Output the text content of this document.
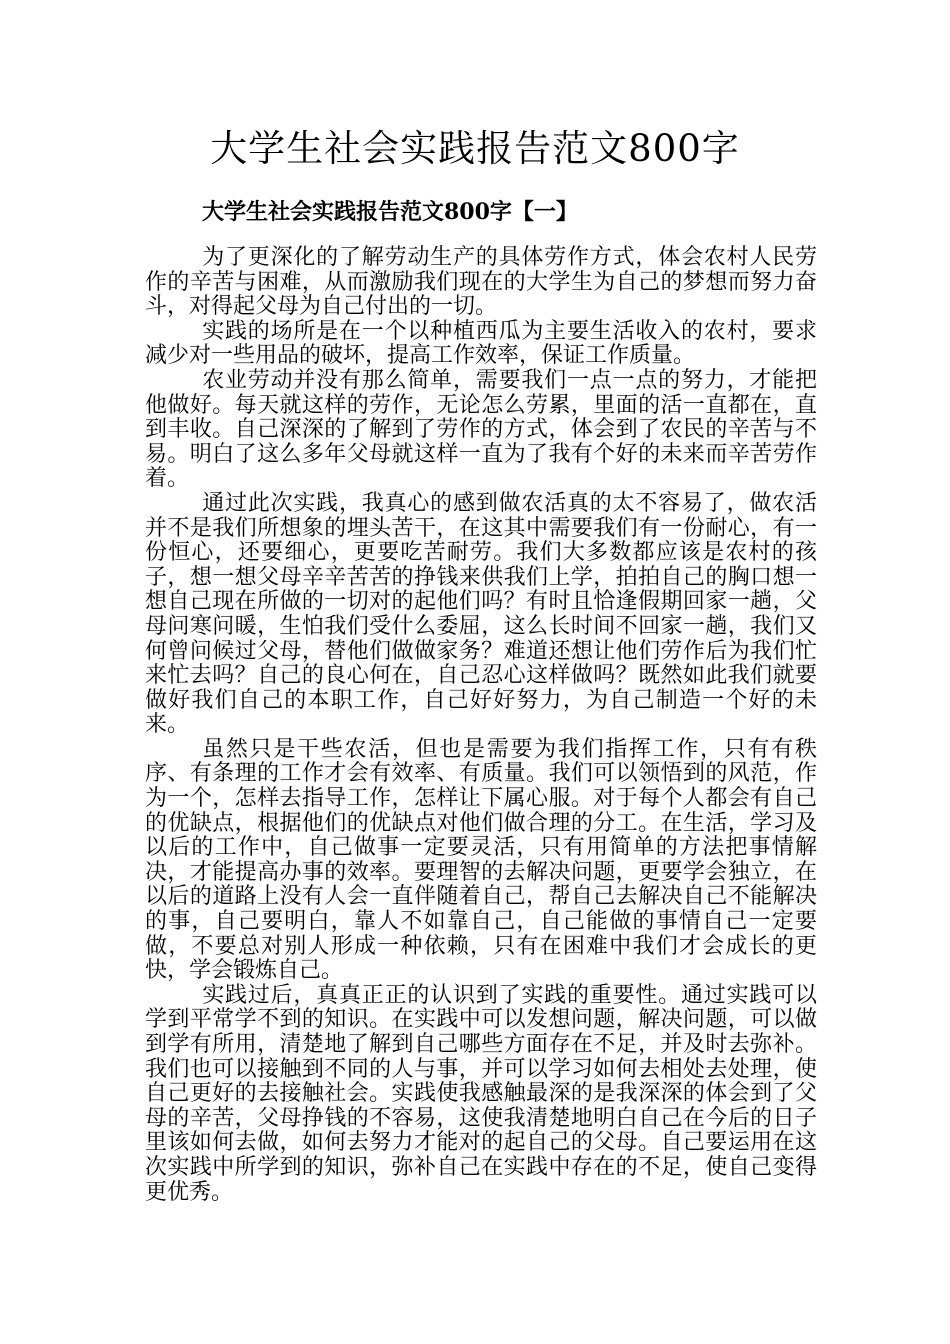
大学生社会实践报告范文800字
大学生社会实践报告范文800字【一】

为了更深化的了解劳动生产的具体劳作方式，体会农村人民劳作的辛苦与困难，从而激励我们现在的大学生为自己的梦想而努力奋斗，对得起父母为自己付出的一切。

实践的场所是在一个以种植西瓜为主要生活收入的农村，要求减少对一些用品的破坏，提高工作效率，保证工作质量。

农业劳动并没有那么简单，需要我们一点一点的努力，才能把他做好。每天就这样的劳作，无论怎么劳累，里面的活一直都在，直到丰收。自己深深的了解到了劳作的方式，体会到了农民的辛苦与不易。明白了这么多年父母就这样一直为了我有个好的未来而辛苦劳作着。

通过此次实践，我真心的感到做农活真的太不容易了，做农活并不是我们所想象的埋头苦干，在这其中需要我们有一份耐心，有一份恒心，还要细心，更要吃苦耐劳。我们大多数都应该是农村的孩子，想一想父母辛辛苦苦的挣钱来供我们上学，拍拍自己的胸口想一想自己现在所做的一切对的起他们吗？有时且恰逢假期回家一趟，父母问寒问暖，生怕我们受什么委屈，这么长时间不回家一趟，我们又何曾问候过父母，替他们做做家务？难道还想让他们劳作后为我们忙来忙去吗？自己的良心何在，自己忍心这样做吗？既然如此我们就要做好我们自己的本职工作，自己好好努力，为自己制造一个好的未来。

虽然只是干些农活，但也是需要为我们指挥工作，只有有秩序、有条理的工作才会有效率、有质量。我们可以领悟到的风范，作为一个，怎样去指导工作，怎样让下属心服。对于每个人都会有自己的优缺点，根据他们的优缺点对他们做合理的分工。在生活，学习及以后的工作中，自己做事一定要灵活，只有用简单的方法把事情解决，才能提高办事的效率。要理智的去解决问题，更要学会独立，在以后的道路上没有人会一直伴随着自己，帮自己去解决自己不能解决的事，自己要明白，靠人不如靠自己，自己能做的事情自己一定要做，不要总对别人形成一种依赖，只有在困难中我们才会成长的更快，学会锻炼自己。

实践过后，真真正正的认识到了实践的重要性。通过实践可以学到平常学不到的知识。在实践中可以发想问题，解决问题，可以做到学有所用，清楚地了解到自己哪些方面存在不足，并及时去弥补。我们也可以接触到不同的人与事，并可以学习如何去相处去处理，使自己更好的去接触社会。实践使我感触最深的是我深深的体会到了父母的辛苦，父母挣钱的不容易，这使我清楚地明白自己在今后的日子里该如何去做，如何去努力才能对的起自己的父母。自己要运用在这次实践中所学到的知识，弥补自己在实践中存在的不足，使自己变得更优秀。
